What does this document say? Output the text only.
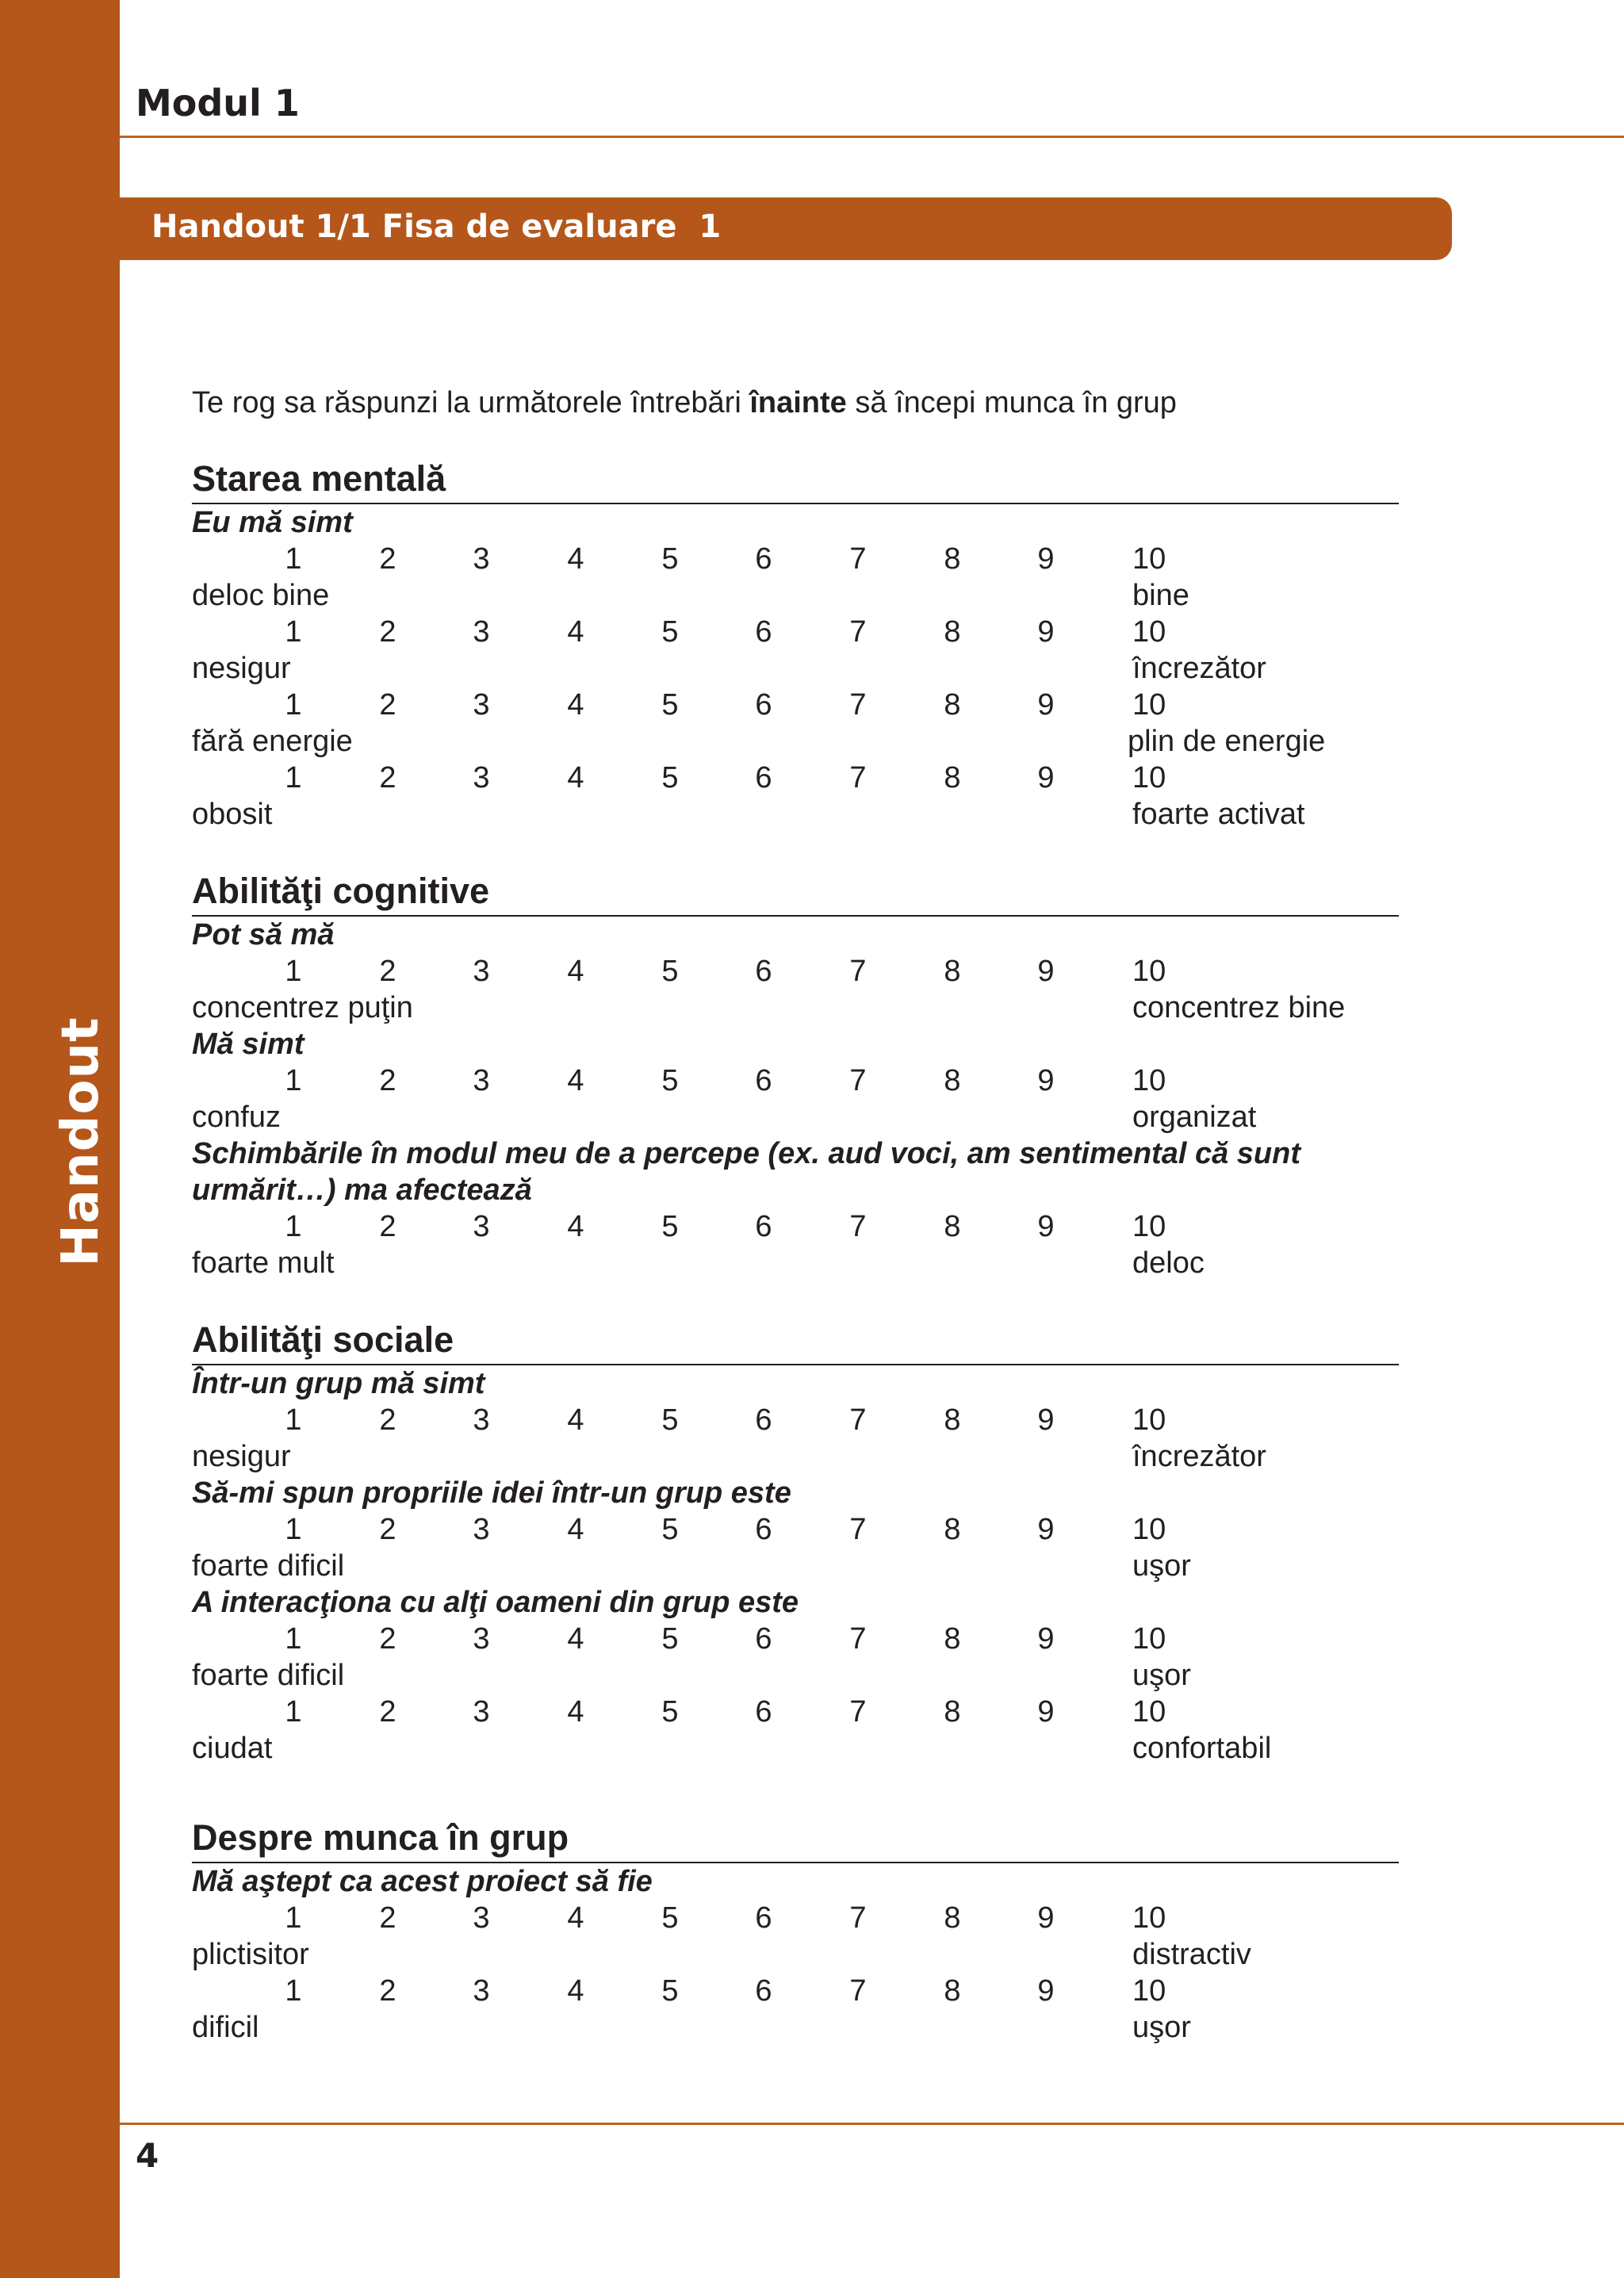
Handout
Modul 1
Handout 1/1 Fisa de evaluare  1
Te rog sa răspunzi la următorele întrebări înainte să începi munca în grup
Starea mentală
Eu mă simt
1	2	3	4	5	6	7	8	9	10
deloc bine	bine
1	2	3	4	5	6	7	8	9	10
nesigur	încrezător
1	2	3	4	5	6	7	8	9	10
fără energie	plin de energie
1	2	3	4	5	6	7	8	9	10
obosit	foarte activat
Abilităţi cognitive
Pot să mă
1	2	3	4	5	6	7	8	9	10
concentrez puţin	concentrez bine
Mă simt
1	2	3	4	5	6	7	8	9	10
confuz	organizat
Schimbările în modul meu de a percepe (ex. aud voci, am sentimental că sunt
urmărit…) ma afectează
1	2	3	4	5	6	7	8	9	10
foarte mult	deloc
Abilităţi sociale
Într-un grup mă simt
1	2	3	4	5	6	7	8	9	10
nesigur	încrezător
Să-mi spun propriile idei într-un grup este
1	2	3	4	5	6	7	8	9	10
foarte dificil	uşor
A interacţiona cu alţi oameni din grup este
1	2	3	4	5	6	7	8	9	10
foarte dificil	uşor
1	2	3	4	5	6	7	8	9	10
ciudat	confortabil
Despre munca în grup
Mă aştept ca acest proiect să fie
1	2	3	4	5	6	7	8	9	10
plictisitor	distractiv
1	2	3	4	5	6	7	8	9	10
dificil	uşor
4
